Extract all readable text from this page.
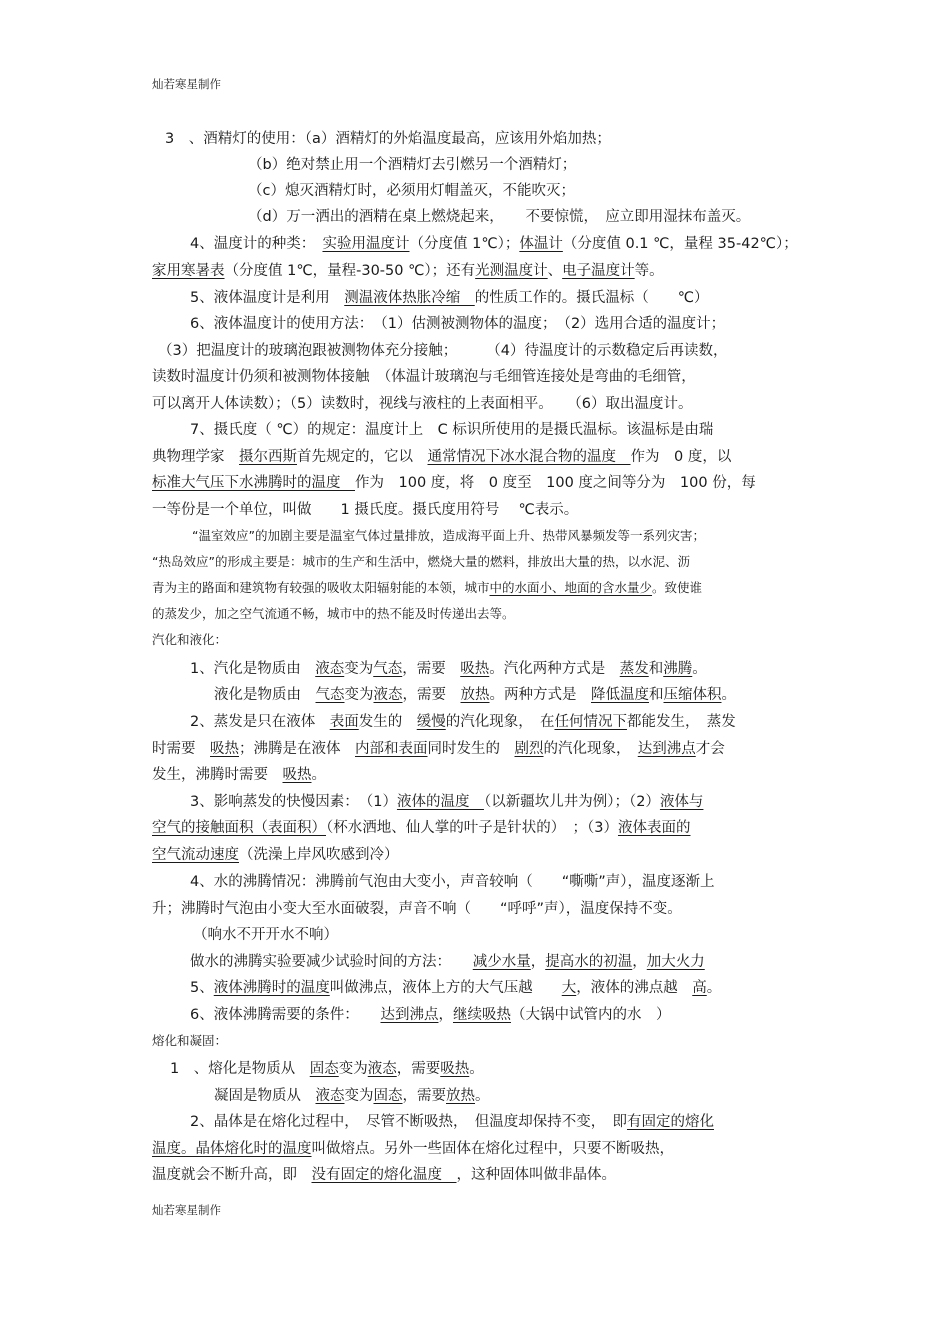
灿若寒星制作
3　、酒精灯的使用：（a）酒精灯的外焰温度最高，应该用外焰加热；
（b）绝对禁止用一个酒精灯去引燃另一个酒精灯；
（c）熄灭酒精灯时，必须用灯帽盖灭，不能吹灭；
（d）万一洒出的酒精在桌上燃烧起来，　　不要惊慌，　应立即用湿抹布盖灭。
4、温度计的种类：　实验用温度计（分度值 1℃）；体温计（分度值 0.1 ℃，量程 35-42℃）；
家用寒暑表（分度值 1℃，量程-30-50 ℃）；还有光测温度计、电子温度计等。
5、液体温度计是利用　测温液体热胀冷缩　的性质工作的。摄氏温标（　　℃）
6、液体温度计的使用方法：　（1）估测被测物体的温度；　（2）选用合适的温度计；
（3）把温度计的玻璃泡跟被测物体充分接触；　　　（4）待温度计的示数稳定后再读数，
读数时温度计仍须和被测物体接触　（体温计玻璃泡与毛细管连接处是弯曲的毛细管，
可以离开人体读数）；（5）读数时，视线与液柱的上表面相平。　　（6）取出温度计。
7、摄氏度（ ℃）的规定：温度计上　C 标识所使用的是摄氏温标。该温标是由瑞
典物理学家　摄尔西斯首先规定的，它以　通常情况下冰水混合物的温度　作为　0 度，以
标准大气压下水沸腾时的温度　作为　100 度，将　0 度至　100 度之间等分为　100 份，每
一等份是一个单位，叫做　　1 摄氏度。摄氏度用符号　 ℃表示。
“温室效应”的加剧主要是温室气体过量排放，造成海平面上升、热带风暴频发等一系列灾害；
“热岛效应”的形成主要是：城市的生产和生活中，燃烧大量的燃料，排放出大量的热，以水泥、沥
青为主的路面和建筑物有较强的吸收太阳辐射能的本领，城市中的水面小、地面的含水量少。致使谁
的蒸发少，加之空气流通不畅，城市中的热不能及时传递出去等。
汽化和液化：
1、汽化是物质由　液态变为气态，需要　吸热。汽化两种方式是　蒸发和沸腾。
液化是物质由　气态变为液态，需要　放热。两种方式是　降低温度和压缩体积。
2、蒸发是只在液体　表面发生的　缓慢的汽化现象，　在任何情况下都能发生，　蒸发
时需要　吸热；沸腾是在液体　内部和表面同时发生的　剧烈的汽化现象，　达到沸点才会
发生，沸腾时需要　吸热。
3、影响蒸发的快慢因素：　（1）液体的温度　（以新疆坎儿井为例）；（2）液体与
空气的接触面积（表面积）（杯水洒地、仙人掌的叶子是针状的）　；（3）液体表面的
空气流动速度（洗澡上岸风吹感到冷）
4、水的沸腾情况：沸腾前气泡由大变小，声音较响（　　“嘶嘶”声），温度逐渐上
升；沸腾时气泡由小变大至水面破裂，声音不响（　　“呼呼”声），温度保持不变。
（响水不开开水不响）
做水的沸腾实验要减少试验时间的方法：　　减少水量，提高水的初温，加大火力
5、液体沸腾时的温度叫做沸点，液体上方的大气压越　　大，液体的沸点越　高。
6、液体沸腾需要的条件：　　达到沸点，继续吸热（大锅中试管内的水　）
熔化和凝固：
1　、熔化是物质从　固态变为液态，需要吸热。
凝固是物质从　液态变为固态，需要放热。
2、晶体是在熔化过程中，　尽管不断吸热，　但温度却保持不变，　即有固定的熔化
温度。晶体熔化时的温度叫做熔点。另外一些固体在熔化过程中，只要不断吸热，
温度就会不断升高，即　没有固定的熔化温度　，这种固体叫做非晶体。
灿若寒星制作
